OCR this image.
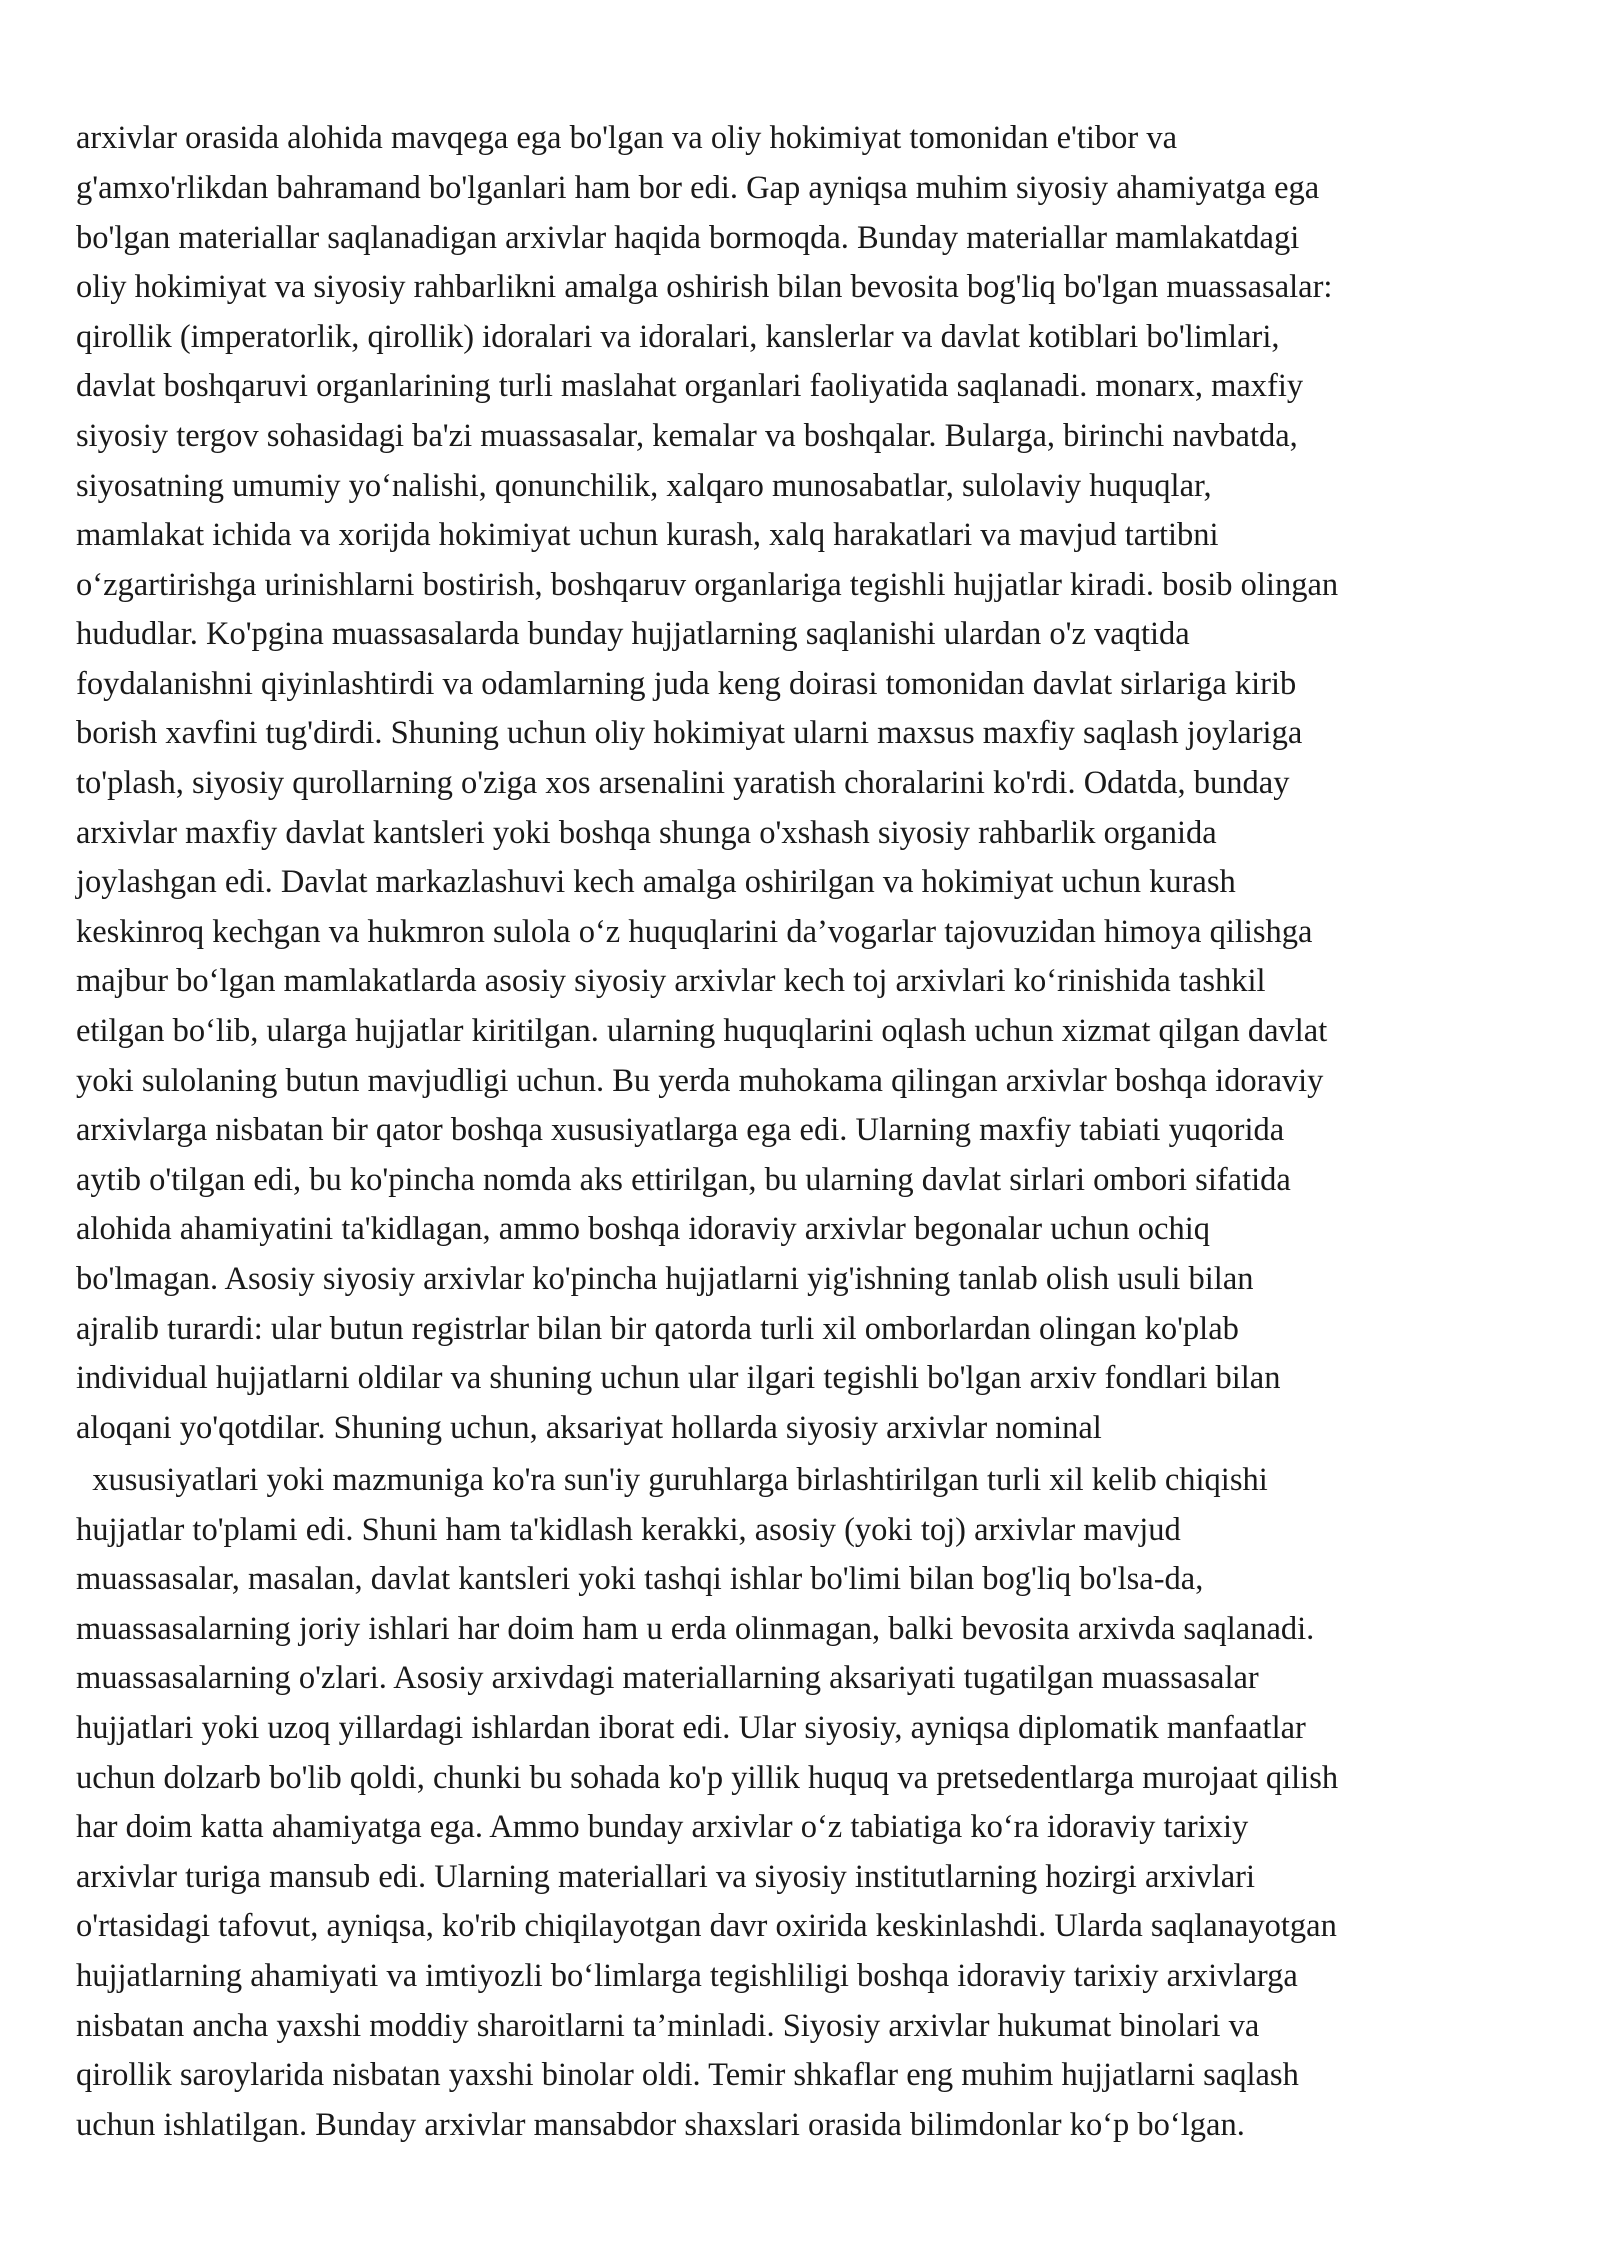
arxivlar orasida alohida mavqega ega bo'lgan va oliy hokimiyat tomonidan e'tibor va

g'amxo'rlikdan bahramand bo'lganlari ham bor edi. Gap ayniqsa muhim siyosiy ahamiyatga ega

bo'lgan materiallar saqlanadigan arxivlar haqida bormoqda. Bunday materiallar mamlakatdagi

oliy hokimiyat va siyosiy rahbarlikni amalga oshirish bilan bevosita bog'liq bo'lgan muassasalar:

qirollik (imperatorlik, qirollik) idoralari va idoralari, kanslerlar va davlat kotiblari bo'limlari,

davlat boshqaruvi organlarining turli maslahat organlari faoliyatida saqlanadi. monarx, maxfiy

siyosiy tergov sohasidagi ba'zi muassasalar, kemalar va boshqalar. Bularga, birinchi navbatda,

siyosatning umumiy yo‘nalishi, qonunchilik, xalqaro munosabatlar, sulolaviy huquqlar,

mamlakat ichida va xorijda hokimiyat uchun kurash, xalq harakatlari va mavjud tartibni

o‘zgartirishga urinishlarni bostirish, boshqaruv organlariga tegishli hujjatlar kiradi. bosib olingan

hududlar. Ko'pgina muassasalarda bunday hujjatlarning saqlanishi ulardan o'z vaqtida

foydalanishni qiyinlashtirdi va odamlarning juda keng doirasi tomonidan davlat sirlariga kirib

borish xavfini tug'dirdi. Shuning uchun oliy hokimiyat ularni maxsus maxfiy saqlash joylariga

to'plash, siyosiy qurollarning o'ziga xos arsenalini yaratish choralarini ko'rdi. Odatda, bunday

arxivlar maxfiy davlat kantsleri yoki boshqa shunga o'xshash siyosiy rahbarlik organida

joylashgan edi. Davlat markazlashuvi kech amalga oshirilgan va hokimiyat uchun kurash

keskinroq kechgan va hukmron sulola o‘z huquqlarini da’vogarlar tajovuzidan himoya qilishga

majbur bo‘lgan mamlakatlarda asosiy siyosiy arxivlar kech toj arxivlari ko‘rinishida tashkil

etilgan bo‘lib, ularga hujjatlar kiritilgan. ularning huquqlarini oqlash uchun xizmat qilgan davlat

yoki sulolaning butun mavjudligi uchun. Bu yerda muhokama qilingan arxivlar boshqa idoraviy

arxivlarga nisbatan bir qator boshqa xususiyatlarga ega edi. Ularning maxfiy tabiati yuqorida

aytib o'tilgan edi, bu ko'pincha nomda aks ettirilgan, bu ularning davlat sirlari ombori sifatida

alohida ahamiyatini ta'kidlagan, ammo boshqa idoraviy arxivlar begonalar uchun ochiq

bo'lmagan. Asosiy siyosiy arxivlar ko'pincha hujjatlarni yig'ishning tanlab olish usuli bilan

ajralib turardi: ular butun registrlar bilan bir qatorda turli xil omborlardan olingan ko'plab

individual hujjatlarni oldilar va shuning uchun ular ilgari tegishli bo'lgan arxiv fondlari bilan

aloqani yo'qotdilar. Shuning uchun, aksariyat hollarda siyosiy arxivlar nominal

xususiyatlari yoki mazmuniga ko'ra sun'iy guruhlarga birlashtirilgan turli xil kelib chiqishi

hujjatlar to'plami edi. Shuni ham ta'kidlash kerakki, asosiy (yoki toj) arxivlar mavjud

muassasalar, masalan, davlat kantsleri yoki tashqi ishlar bo'limi bilan bog'liq bo'lsa-da,

muassasalarning joriy ishlari har doim ham u erda olinmagan, balki bevosita arxivda saqlanadi.

muassasalarning o'zlari. Asosiy arxivdagi materiallarning aksariyati tugatilgan muassasalar

hujjatlari yoki uzoq yillardagi ishlardan iborat edi. Ular siyosiy, ayniqsa diplomatik manfaatlar

uchun dolzarb bo'lib qoldi, chunki bu sohada ko'p yillik huquq va pretsedentlarga murojaat qilish

har doim katta ahamiyatga ega. Ammo bunday arxivlar o‘z tabiatiga ko‘ra idoraviy tarixiy

arxivlar turiga mansub edi. Ularning materiallari va siyosiy institutlarning hozirgi arxivlari

o'rtasidagi tafovut, ayniqsa, ko'rib chiqilayotgan davr oxirida keskinlashdi. Ularda saqlanayotgan

hujjatlarning ahamiyati va imtiyozli bo‘limlarga tegishliligi boshqa idoraviy tarixiy arxivlarga

nisbatan ancha yaxshi moddiy sharoitlarni ta’minladi. Siyosiy arxivlar hukumat binolari va

qirollik saroylarida nisbatan yaxshi binolar oldi. Temir shkaflar eng muhim hujjatlarni saqlash

uchun ishlatilgan. Bunday arxivlar mansabdor shaxslari orasida bilimdonlar ko‘p bo‘lgan.
